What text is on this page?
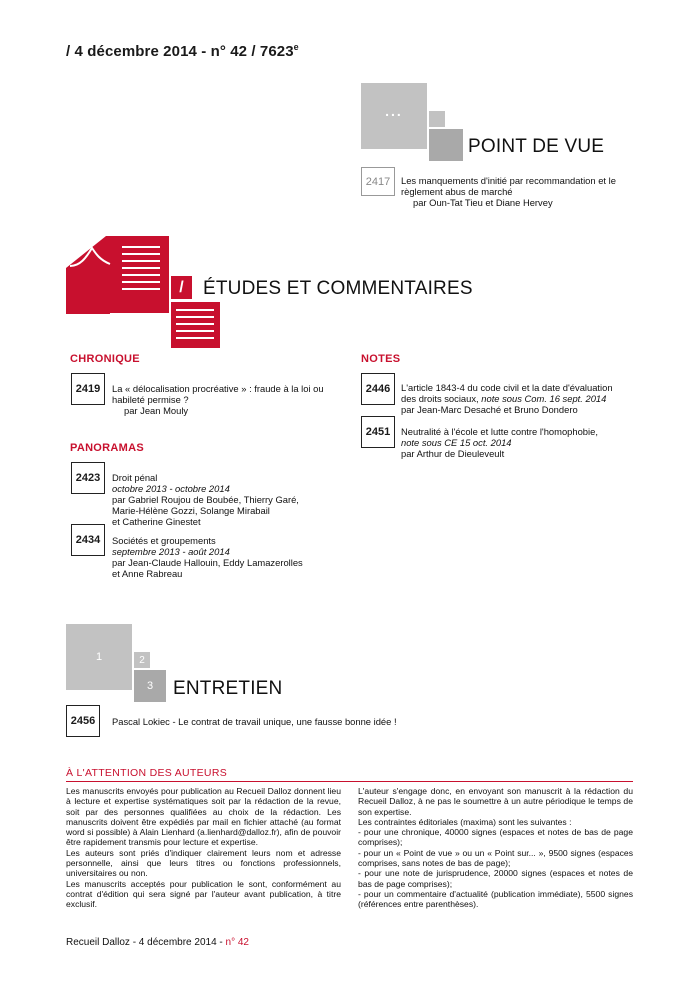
/ 4 décembre 2014 - n° 42 / 7623e
...
POINT DE VUE
2417	Les manquements d'initié par recommandation et le règlement abus de marché
par Oun-Tat Tieu et Diane Hervey
/	ÉTUDES ET COMMENTAIRES
CHRONIQUE
2419	La « délocalisation procréative » : fraude à la loi ou habileté permise ?
par Jean Mouly
PANORAMAS
2423	Droit pénal
octobre 2013 - octobre 2014
par Gabriel Roujou de Boubée, Thierry Garé,
Marie-Hélène Gozzi, Solange Mirabail
et Catherine Ginestet
2434	Sociétés et groupements
septembre 2013 - août 2014
par Jean-Claude Hallouin, Eddy Lamazerolles
et Anne Rabreau
NOTES
2446	L'article 1843-4 du code civil et la date d'évaluation
des droits sociaux, note sous Com. 16 sept. 2014
par Jean-Marc Desaché et Bruno Dondero
2451	Neutralité à l'école et lutte contre l'homophobie,
note sous CE 15 oct. 2014
par Arthur de Dieuleveult
1	2
3 ENTRETIEN
2456	Pascal Lokiec - Le contrat de travail unique, une fausse bonne idée !
À L'ATTENTION DES AUTEURS

Les manuscrits envoyés pour publication au Recueil Dalloz donnent lieu à lecture et expertise systématiques soit par la rédaction de la revue, soit par des personnes qualifiées au choix de la rédaction. Les manuscrits doivent être expédiés par mail en fichier attaché (au format word si possible) à Alain Lienhard (a.lienhard@dalloz.fr), afin de pouvoir être rapidement transmis pour lecture et expertise.

Les auteurs sont priés d'indiquer clairement leurs nom et adresse personnelle, ainsi que leurs titres ou fonctions professionnels, universitaires ou non.

Les manuscrits acceptés pour publication le sont, conformément au contrat d'édition qui sera signé par l'auteur avant publication, à titre exclusif.

L'auteur s'engage donc, en envoyant son manuscrit à la rédaction du Recueil Dalloz, à ne pas le soumettre à un autre périodique le temps de son expertise.

Les contraintes éditoriales (maxima) sont les suivantes :

- pour une chronique, 40000 signes (espaces et notes de bas de page comprises);

- pour un « Point de vue » ou un « Point sur... », 9500 signes (espaces comprises, sans notes de bas de page);

- pour une note de jurisprudence, 20000 signes (espaces et notes de bas de page comprises);

- pour un commentaire d'actualité (publication immédiate), 5500 signes (références entre parenthèses).

Recueil Dalloz - 4 décembre 2014 - n° 42
